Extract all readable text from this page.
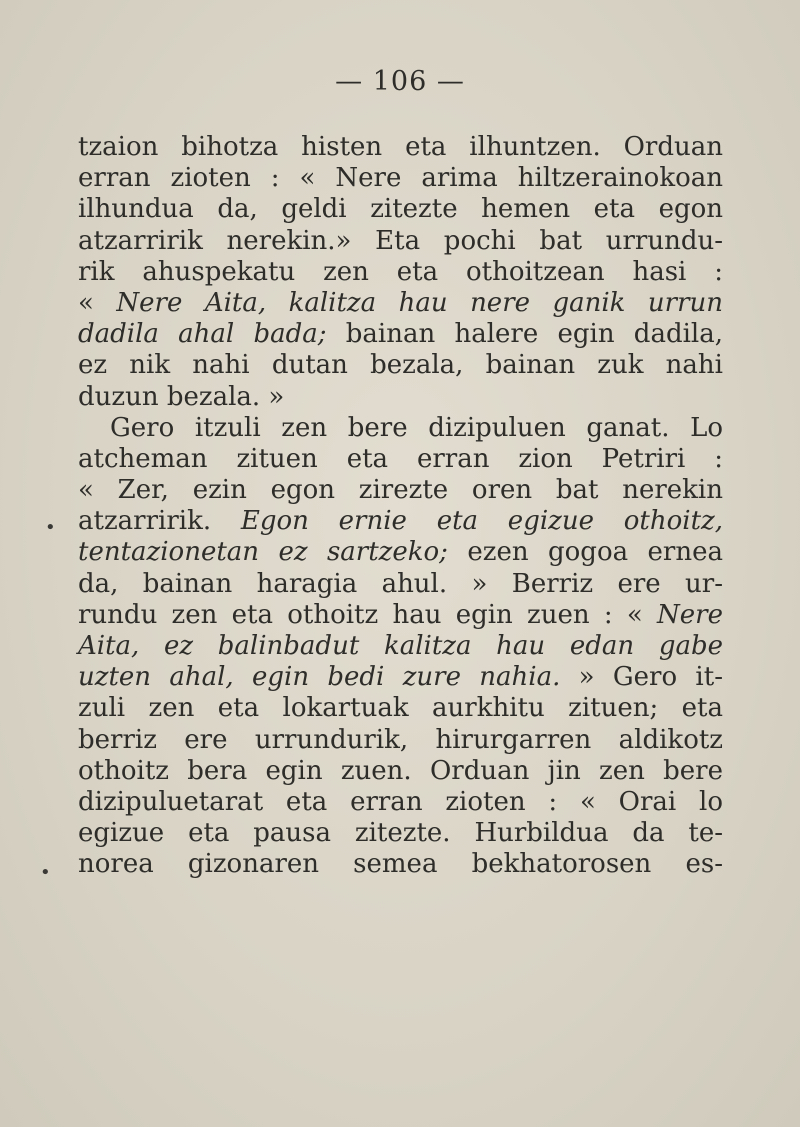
— 106 —
tzaion bihotza histen eta ilhuntzen. Orduan
erran zioten : « Nere arima hiltzerainokoan
ilhundua da, geldi zitezte hemen eta egon
atzarririk nerekin.» Eta pochi bat urrundu-
rik ahuspekatu zen eta othoitzean hasi :
« Nere Aita, kalitza hau nere ganik urrun
dadila ahal bada; bainan halere egin dadila,
ez nik nahi dutan bezala, bainan zuk nahi
duzun bezala. »
Gero itzuli zen bere dizipuluen ganat. Lo
atcheman zituen eta erran zion Petriri :
« Zer, ezin egon zirezte oren bat nerekin
atzarririk. Egon ernie eta egizue othoitz,
tentazionetan ez sartzeko; ezen gogoa ernea
da, bainan haragia ahul. » Berriz ere ur-
rundu zen eta othoitz hau egin zuen : « Nere
Aita, ez balinbadut kalitza hau edan gabe
uzten ahal, egin bedi zure nahia. » Gero it-
zuli zen eta lokartuak aurkhitu zituen; eta
berriz ere urrundurik, hirurgarren aldikotz
othoitz bera egin zuen. Orduan jin zen bere
dizipuluetarat eta erran zioten : « Orai lo
egizue eta pausa zitezte. Hurbildua da te-
norea gizonaren semea bekhatorosen es-
•
•
